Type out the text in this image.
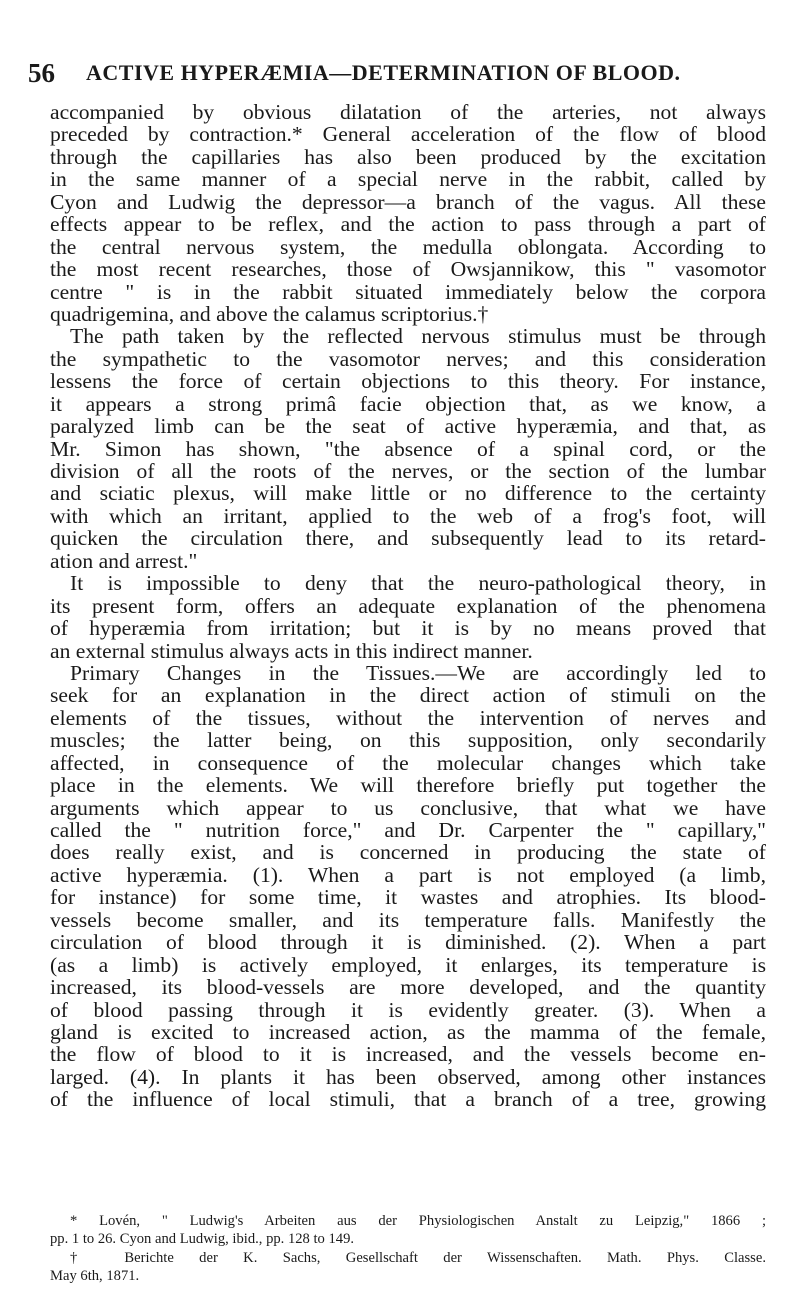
56 ACTIVE HYPERÆMIA—DETERMINATION OF BLOOD.
accompanied by obvious dilatation of the arteries, not always
preceded by contraction.* General acceleration of the flow of blood
through the capillaries has also been produced by the excitation
in the same manner of a special nerve in the rabbit, called by
Cyon and Ludwig the depressor—a branch of the vagus. All these
effects appear to be reflex, and the action to pass through a part of
the central nervous system, the medulla oblongata. According to
the most recent researches, those of Owsjannikow, this " vasomotor
centre " is in the rabbit situated immediately below the corpora
quadrigemina, and above the calamus scriptorius.†
The path taken by the reflected nervous stimulus must be through
the sympathetic to the vasomotor nerves; and this consideration
lessens the force of certain objections to this theory. For instance,
it appears a strong primâ facie objection that, as we know, a
paralyzed limb can be the seat of active hyperæmia, and that, as
Mr. Simon has shown, "the absence of a spinal cord, or the
division of all the roots of the nerves, or the section of the lumbar
and sciatic plexus, will make little or no difference to the certainty
with which an irritant, applied to the web of a frog's foot, will
quicken the circulation there, and subsequently lead to its retard-
ation and arrest."
It is impossible to deny that the neuro-pathological theory, in
its present form, offers an adequate explanation of the phenomena
of hyperæmia from irritation; but it is by no means proved that
an external stimulus always acts in this indirect manner.
Primary Changes in the Tissues.—We are accordingly led to
seek for an explanation in the direct action of stimuli on the
elements of the tissues, without the intervention of nerves and
muscles; the latter being, on this supposition, only secondarily
affected, in consequence of the molecular changes which take
place in the elements. We will therefore briefly put together the
arguments which appear to us conclusive, that what we have
called the " nutrition force," and Dr. Carpenter the " capillary,"
does really exist, and is concerned in producing the state of
active hyperæmia. (1). When a part is not employed (a limb,
for instance) for some time, it wastes and atrophies. Its blood-
vessels become smaller, and its temperature falls. Manifestly the
circulation of blood through it is diminished. (2). When a part
(as a limb) is actively employed, it enlarges, its temperature is
increased, its blood-vessels are more developed, and the quantity
of blood passing through it is evidently greater. (3). When a
gland is excited to increased action, as the mamma of the female,
the flow of blood to it is increased, and the vessels become en-
larged. (4). In plants it has been observed, among other instances
of the influence of local stimuli, that a branch of a tree, growing
* Lovén, " Ludwig's Arbeiten aus der Physiologischen Anstalt zu Leipzig," 1866 ;
pp. 1 to 26. Cyon and Ludwig, ibid., pp. 128 to 149.
† Berichte der K. Sachs, Gesellschaft der Wissenschaften. Math. Phys. Classe.
May 6th, 1871.
